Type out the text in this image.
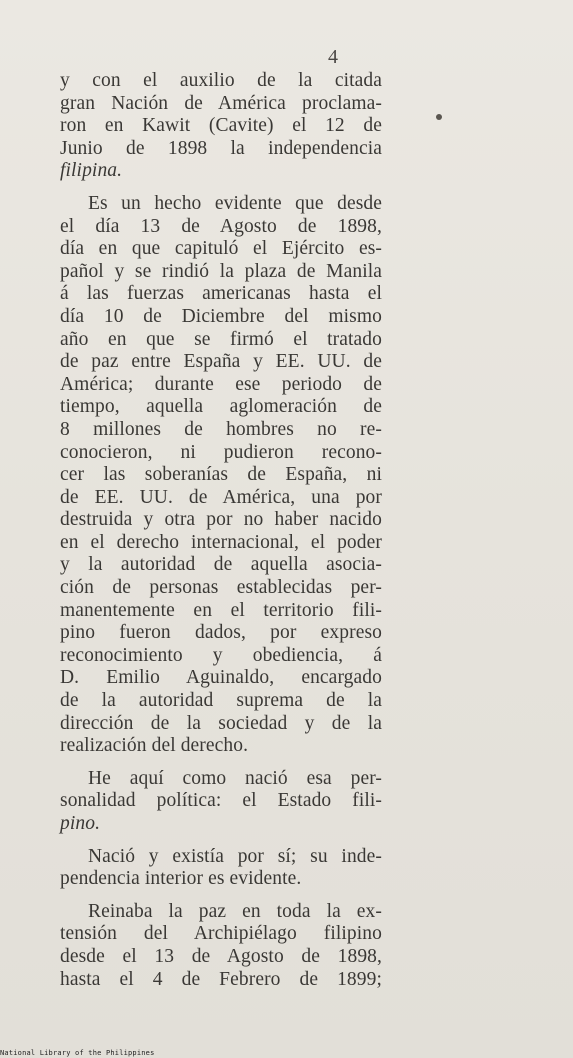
4

y con el auxilio de la citada
gran Nación de América proclama-
ron en Kawit (Cavite) el 12 de
Junio de 1898 la independencia
filipina.

Es un hecho evidente que desde
el día 13 de Agosto de 1898,
día en que capituló el Ejército es-
pañol y se rindió la plaza de Manila
á las fuerzas americanas hasta el
día 10 de Diciembre del mismo
año en que se firmó el tratado
de paz entre España y EE. UU. de
América; durante ese periodo de
tiempo, aquella aglomeración de
8 millones de hombres no re-
conocieron, ni pudieron recono-
cer las soberanías de España, ni
de EE. UU. de América, una por
destruida y otra por no haber nacido
en el derecho internacional, el poder
y la autoridad de aquella asocia-
ción de personas establecidas per-
manentemente en el territorio fili-
pino fueron dados, por expreso
reconocimiento y obediencia, á
D. Emilio Aguinaldo, encargado
de la autoridad suprema de la
dirección de la sociedad y de la
realización del derecho.

He aquí como nació esa per-
sonalidad política: el Estado fili-
pino.

Nació y existía por sí; su inde-
pendencia interior es evidente.

Reinaba la paz en toda la ex-
tensión del Archipiélago filipino
desde el 13 de Agosto de 1898,
hasta el 4 de Febrero de 1899;

National Library of the Philippines
